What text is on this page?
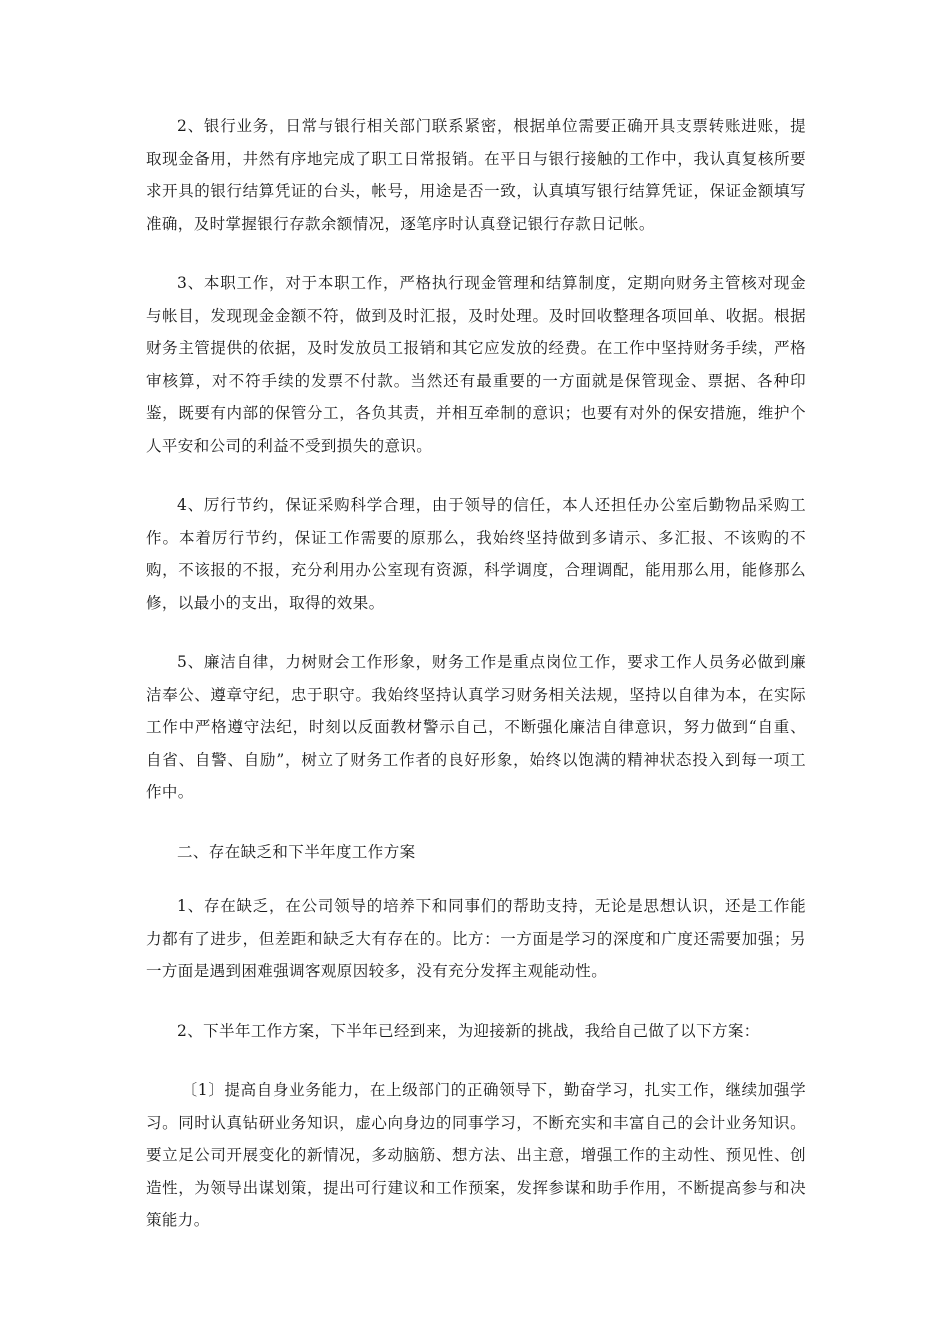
2、银行业务，日常与银行相关部门联系紧密，根据单位需要正确开具支票转账进账，提取现金备用，井然有序地完成了职工日常报销。在平日与银行接触的工作中，我认真复核所要求开具的银行结算凭证的台头，帐号，用途是否一致，认真填写银行结算凭证，保证金额填写准确，及时掌握银行存款余额情况，逐笔序时认真登记银行存款日记帐。

3、本职工作，对于本职工作，严格执行现金管理和结算制度，定期向财务主管核对现金与帐目，发现现金金额不符，做到及时汇报，及时处理。及时回收整理各项回单、收据。根据财务主管提供的依据，及时发放员工报销和其它应发放的经费。在工作中坚持财务手续，严格审核算，对不符手续的发票不付款。当然还有最重要的一方面就是保管现金、票据、各种印鉴，既要有内部的保管分工，各负其责，并相互牵制的意识；也要有对外的保安措施，维护个人平安和公司的利益不受到损失的意识。

4、厉行节约，保证采购科学合理，由于领导的信任，本人还担任办公室后勤物品采购工作。本着厉行节约，保证工作需要的原那么，我始终坚持做到多请示、多汇报、不该购的不购，不该报的不报，充分利用办公室现有资源，科学调度，合理调配，能用那么用，能修那么修，以最小的支出，取得的效果。

5、廉洁自律，力树财会工作形象，财务工作是重点岗位工作，要求工作人员务必做到廉洁奉公、遵章守纪，忠于职守。我始终坚持认真学习财务相关法规，坚持以自律为本，在实际工作中严格遵守法纪，时刻以反面教材警示自己，不断强化廉洁自律意识，努力做到“自重、自省、自警、自励”，树立了财务工作者的良好形象，始终以饱满的精神状态投入到每一项工作中。

二、存在缺乏和下半年度工作方案

1、存在缺乏，在公司领导的培养下和同事们的帮助支持，无论是思想认识，还是工作能力都有了进步，但差距和缺乏大有存在的。比方：一方面是学习的深度和广度还需要加强；另一方面是遇到困难强调客观原因较多，没有充分发挥主观能动性。

2、下半年工作方案，下半年已经到来，为迎接新的挑战，我给自己做了以下方案：

〔1〕提高自身业务能力，在上级部门的正确领导下，勤奋学习，扎实工作，继续加强学习。同时认真钻研业务知识，虚心向身边的同事学习，不断充实和丰富自己的会计业务知识。要立足公司开展变化的新情况，多动脑筋、想方法、出主意，增强工作的主动性、预见性、创造性，为领导出谋划策，提出可行建议和工作预案，发挥参谋和助手作用，不断提高参与和决策能力。
